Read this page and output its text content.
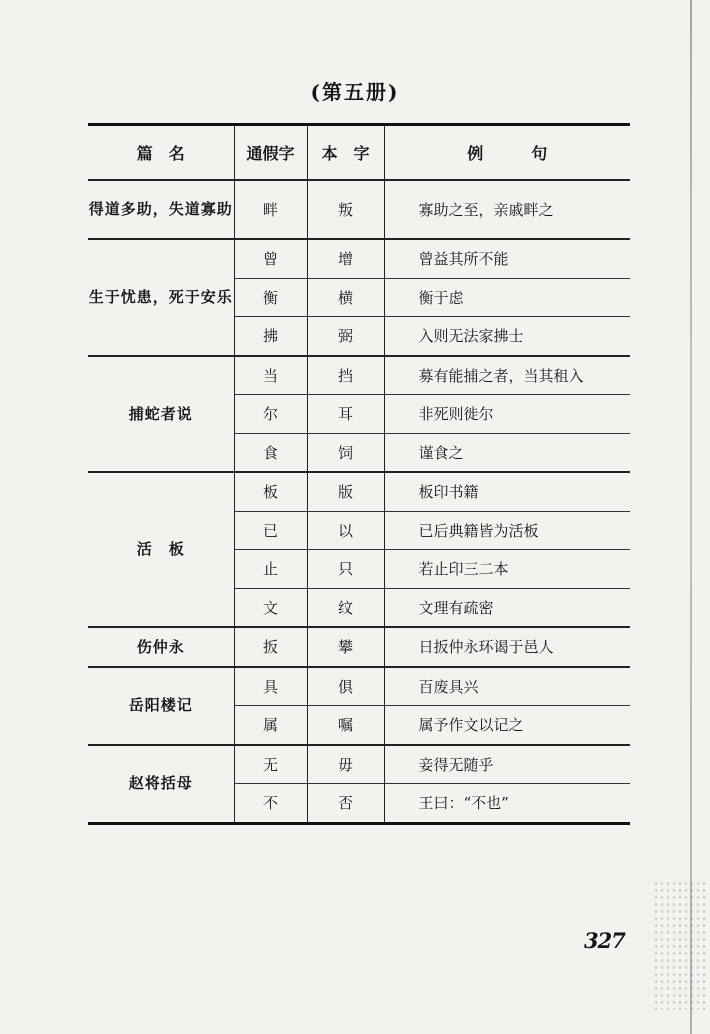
(第五册)
篇　名	通假字	本　字	例　　　句
得道多助，失道寡助	畔	叛	寡助之至，亲戚畔之
生于忧患，死于安乐	曾	增	曾益其所不能
	衡	横	衡于虑
	拂	弼	入则无法家拂士
捕蛇者说	当	挡	募有能捕之者，当其租入
	尔	耳	非死则徙尔
	食	饲	谨食之
活　板	板	版	板印书籍
	已	以	已后典籍皆为活板
	止	只	若止印三二本
	文	纹	文理有疏密
伤仲永	扳	攀	日扳仲永环谒于邑人
岳阳楼记	具	俱	百废具兴
	属	嘱	属予作文以记之
赵将括母	无	毋	妾得无随乎
	不	否	王曰：“不也”
327
